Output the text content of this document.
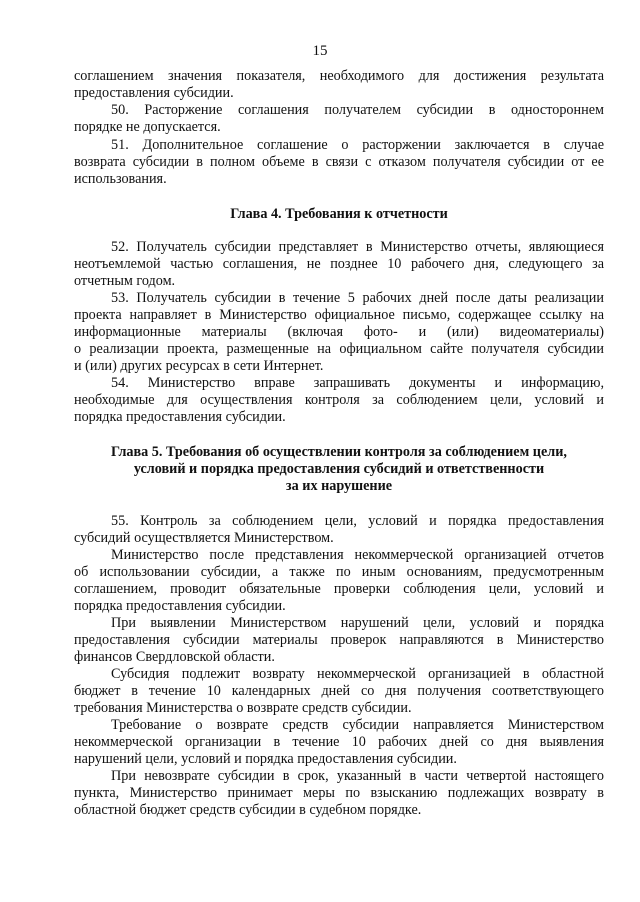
15
соглашением значения показателя, необходимого для достижения результата
предоставления субсидии.
50. Расторжение соглашения получателем субсидии в одностороннем
порядке не допускается.
51. Дополнительное соглашение о расторжении заключается в случае
возврата субсидии в полном объеме в связи с отказом получателя субсидии от ее
использования.
Глава 4. Требования к отчетности
52. Получатель субсидии представляет в Министерство отчеты, являющиеся
неотъемлемой частью соглашения, не позднее 10 рабочего дня, следующего за
отчетным годом.
53. Получатель субсидии в течение 5 рабочих дней после даты реализации
проекта направляет в Министерство официальное письмо, содержащее ссылку на
информационные материалы (включая фото- и (или) видеоматериалы)
о реализации проекта, размещенные на официальном сайте получателя субсидии
и (или) других ресурсах в сети Интернет.
54. Министерство вправе запрашивать документы и информацию,
необходимые для осуществления контроля за соблюдением цели, условий и
порядка предоставления субсидии.
Глава 5. Требования об осуществлении контроля за соблюдением цели,
условий и порядка предоставления субсидий и ответственности
за их нарушение
55. Контроль за соблюдением цели, условий и порядка предоставления
субсидий осуществляется Министерством.
Министерство после представления некоммерческой организацией отчетов
об использовании субсидии, а также по иным основаниям, предусмотренным
соглашением, проводит обязательные проверки соблюдения цели, условий и
порядка предоставления субсидии.
При выявлении Министерством нарушений цели, условий и порядка
предоставления субсидии материалы проверок направляются в Министерство
финансов Свердловской области.
Субсидия подлежит возврату некоммерческой организацией в областной
бюджет в течение 10 календарных дней со дня получения соответствующего
требования Министерства о возврате средств субсидии.
Требование о возврате средств субсидии направляется Министерством
некоммерческой организации в течение 10 рабочих дней со дня выявления
нарушений цели, условий и порядка предоставления субсидии.
При невозврате субсидии в срок, указанный в части четвертой настоящего
пункта, Министерство принимает меры по взысканию подлежащих возврату в
областной бюджет средств субсидии в судебном порядке.
